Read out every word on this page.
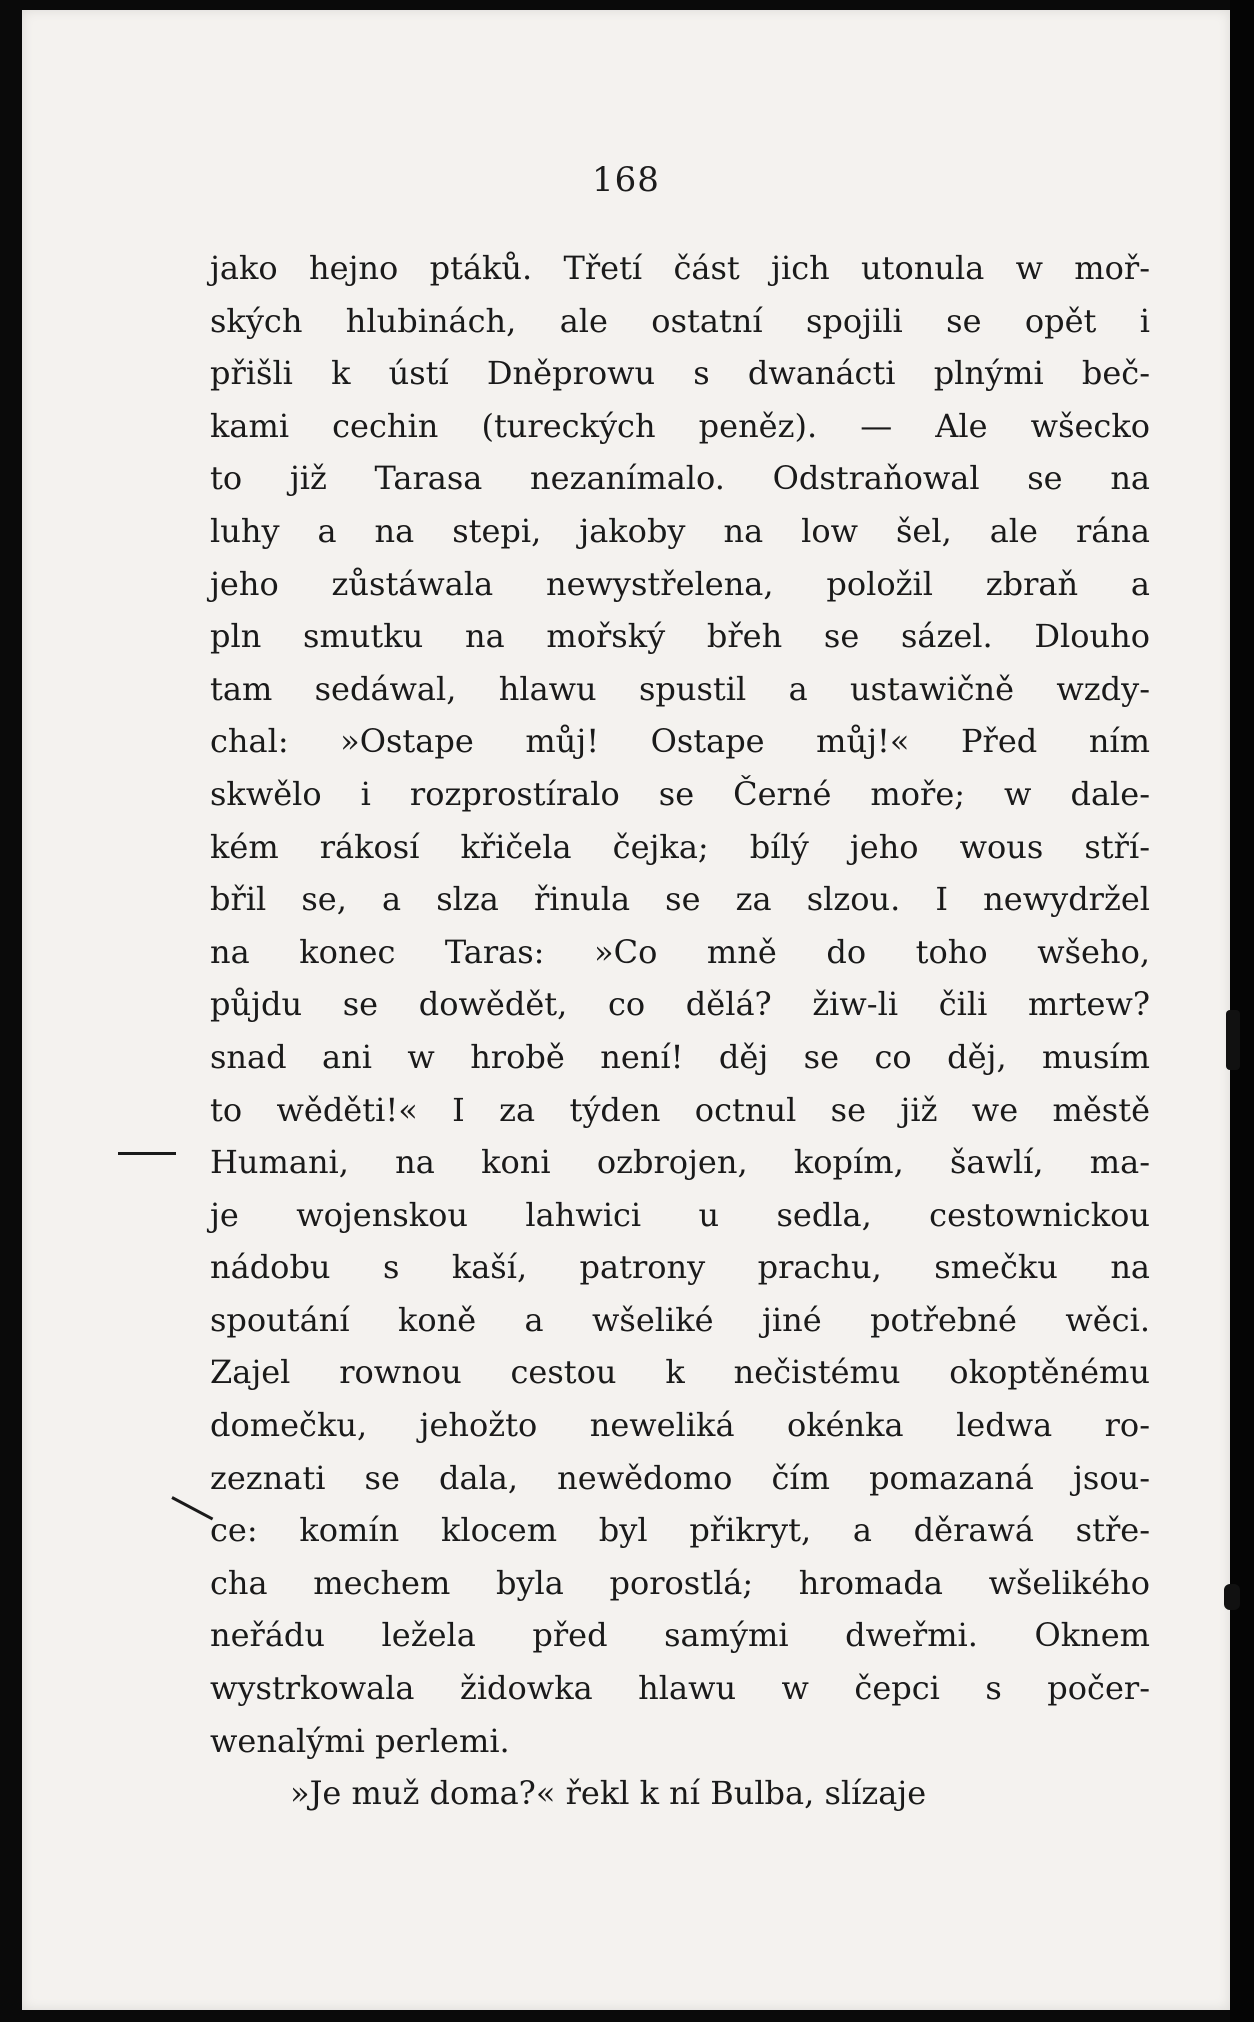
168
jako hejno ptáků. Třetí část jich utonula w moř-
ských hlubinách, ale ostatní spojili se opět i
přišli k ústí Dněprowu s dwanácti plnými beč-
kami cechin (tureckých peněz). — Ale wšecko
to již Tarasa nezanímalo. Odstraňowal se na
luhy a na stepi, jakoby na low šel, ale rána
jeho zůstáwala newystřelena, položil zbraň a
pln smutku na mořský břeh se sázel. Dlouho
tam sedáwal, hlawu spustil a ustawičně wzdy-
chal: »Ostape můj! Ostape můj!« Před ním
skwělo i rozprostíralo se Černé moře; w dale-
kém rákosí křičela čejka; bílý jeho wous stří-
břil se, a slza řinula se za slzou. I newydržel
na konec Taras: »Co mně do toho wšeho,
půjdu se dowědět, co dělá? žiw-li čili mrtew?
snad ani w hrobě není! děj se co děj, musím
to wěděti!« I za týden octnul se již we městě
Humani, na koni ozbrojen, kopím, šawlí, ma-
je wojenskou lahwici u sedla, cestownickou
nádobu s kaší, patrony prachu, smečku na
spoutání koně a wšeliké jiné potřebné wěci.
Zajel rownou cestou k nečistému okoptěnému
domečku, jehožto neweliká okénka ledwa ro-
zeznati se dala, newědomo čím pomazaná jsou-
ce: komín klocem byl přikryt, a děrawá stře-
cha mechem byla porostlá; hromada wšelikého
neřádu ležela před samými dweřmi. Oknem
wystrkowala židowka hlawu w čepci s počer-
wenalými perlemi.
»Je muž doma?« řekl k ní Bulba, slízaje
